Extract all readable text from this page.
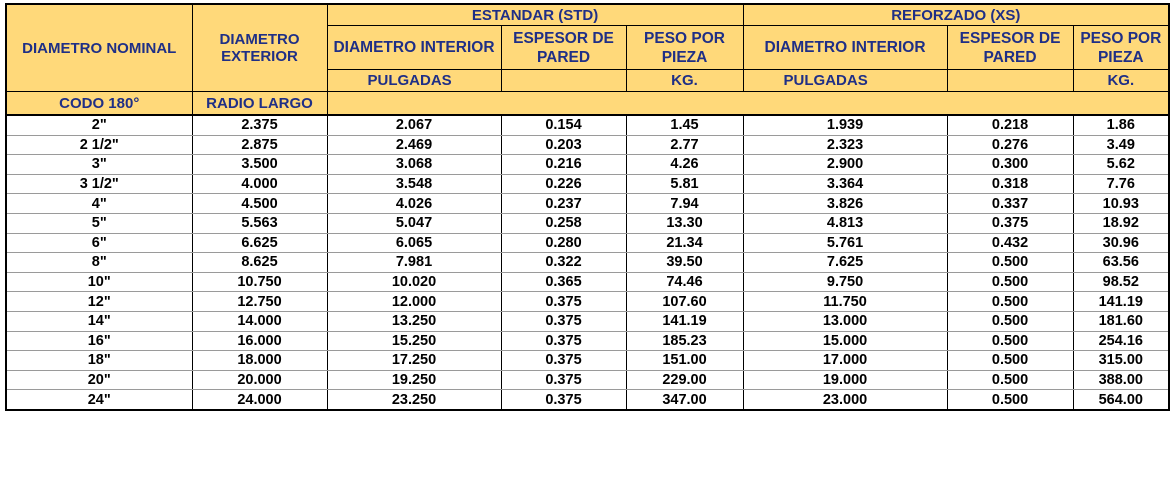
DIAMETRO NOMINAL	DIAMETRO EXTERIOR	ESTANDAR (STD)			REFORZADO (XS)		
		DIAMETRO INTERIOR	ESPESOR DE PARED	PESO POR PIEZA	DIAMETRO INTERIOR	ESPESOR DE PARED	PESO POR PIEZA
		PULGADAS		KG.	PULGADAS		KG.
CODO 180°	RADIO LARGO						
2"	2.375	2.067	0.154	1.45	1.939	0.218	1.86
2 1/2"	2.875	2.469	0.203	2.77	2.323	0.276	3.49
3"	3.500	3.068	0.216	4.26	2.900	0.300	5.62
3 1/2"	4.000	3.548	0.226	5.81	3.364	0.318	7.76
4"	4.500	4.026	0.237	7.94	3.826	0.337	10.93
5"	5.563	5.047	0.258	13.30	4.813	0.375	18.92
6"	6.625	6.065	0.280	21.34	5.761	0.432	30.96
8"	8.625	7.981	0.322	39.50	7.625	0.500	63.56
10"	10.750	10.020	0.365	74.46	9.750	0.500	98.52
12"	12.750	12.000	0.375	107.60	11.750	0.500	141.19
14"	14.000	13.250	0.375	141.19	13.000	0.500	181.60
16"	16.000	15.250	0.375	185.23	15.000	0.500	254.16
18"	18.000	17.250	0.375	151.00	17.000	0.500	315.00
20"	20.000	19.250	0.375	229.00	19.000	0.500	388.00
24"	24.000	23.250	0.375	347.00	23.000	0.500	564.00
